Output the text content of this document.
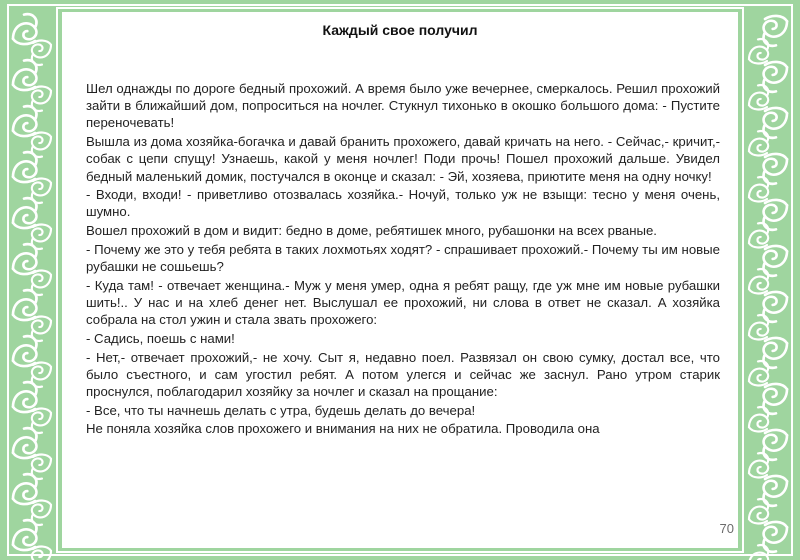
Каждый свое получил

Шел однажды по дороге бедный прохожий. А время было уже вечернее, смеркалось. Решил прохожий зайти в ближайший дом, попроситься на ночлег. Стукнул тихонько в окошко большого дома: - Пустите переночевать!

Вышла из дома хозяйка-богачка и давай бранить прохожего, давай кричать на него. - Сейчас,- кричит,- собак с цепи спущу! Узнаешь, какой у меня ночлег! Поди прочь! Пошел прохожий дальше. Увидел бедный маленький домик, постучался в оконце и сказал: - Эй, хозяева, приютите меня на одну ночку!

- Входи, входи! - приветливо отозвалась хозяйка.- Ночуй, только уж не взыщи: тесно у меня очень, шумно.

Вошел прохожий в дом и видит: бедно в доме, ребятишек много, рубашонки на всех рваные.

- Почему же это у тебя ребята в таких лохмотьях ходят? - спрашивает прохожий.- Почему ты им новые рубашки не сошьешь?

- Куда там! - отвечает женщина.- Муж у меня умер, одна я ребят ращу, где уж мне им новые рубашки шить!.. У нас и на хлеб денег нет. Выслушал ее прохожий, ни слова в ответ не сказал. А хозяйка собрала на стол ужин и стала звать прохожего:

- Садись, поешь с нами!

- Нет,- отвечает прохожий,- не хочу. Сыт я, недавно поел. Развязал он свою сумку, достал все, что было съестного, и сам угостил ребят. А потом улегся и сейчас же заснул. Рано утром старик проснулся, поблагодарил хозяйку за ночлег и сказал на прощание:

- Все, что ты начнешь делать с утра, будешь делать до вечера!

Не поняла хозяйка слов прохожего и внимания на них не обратила. Проводила она

70
